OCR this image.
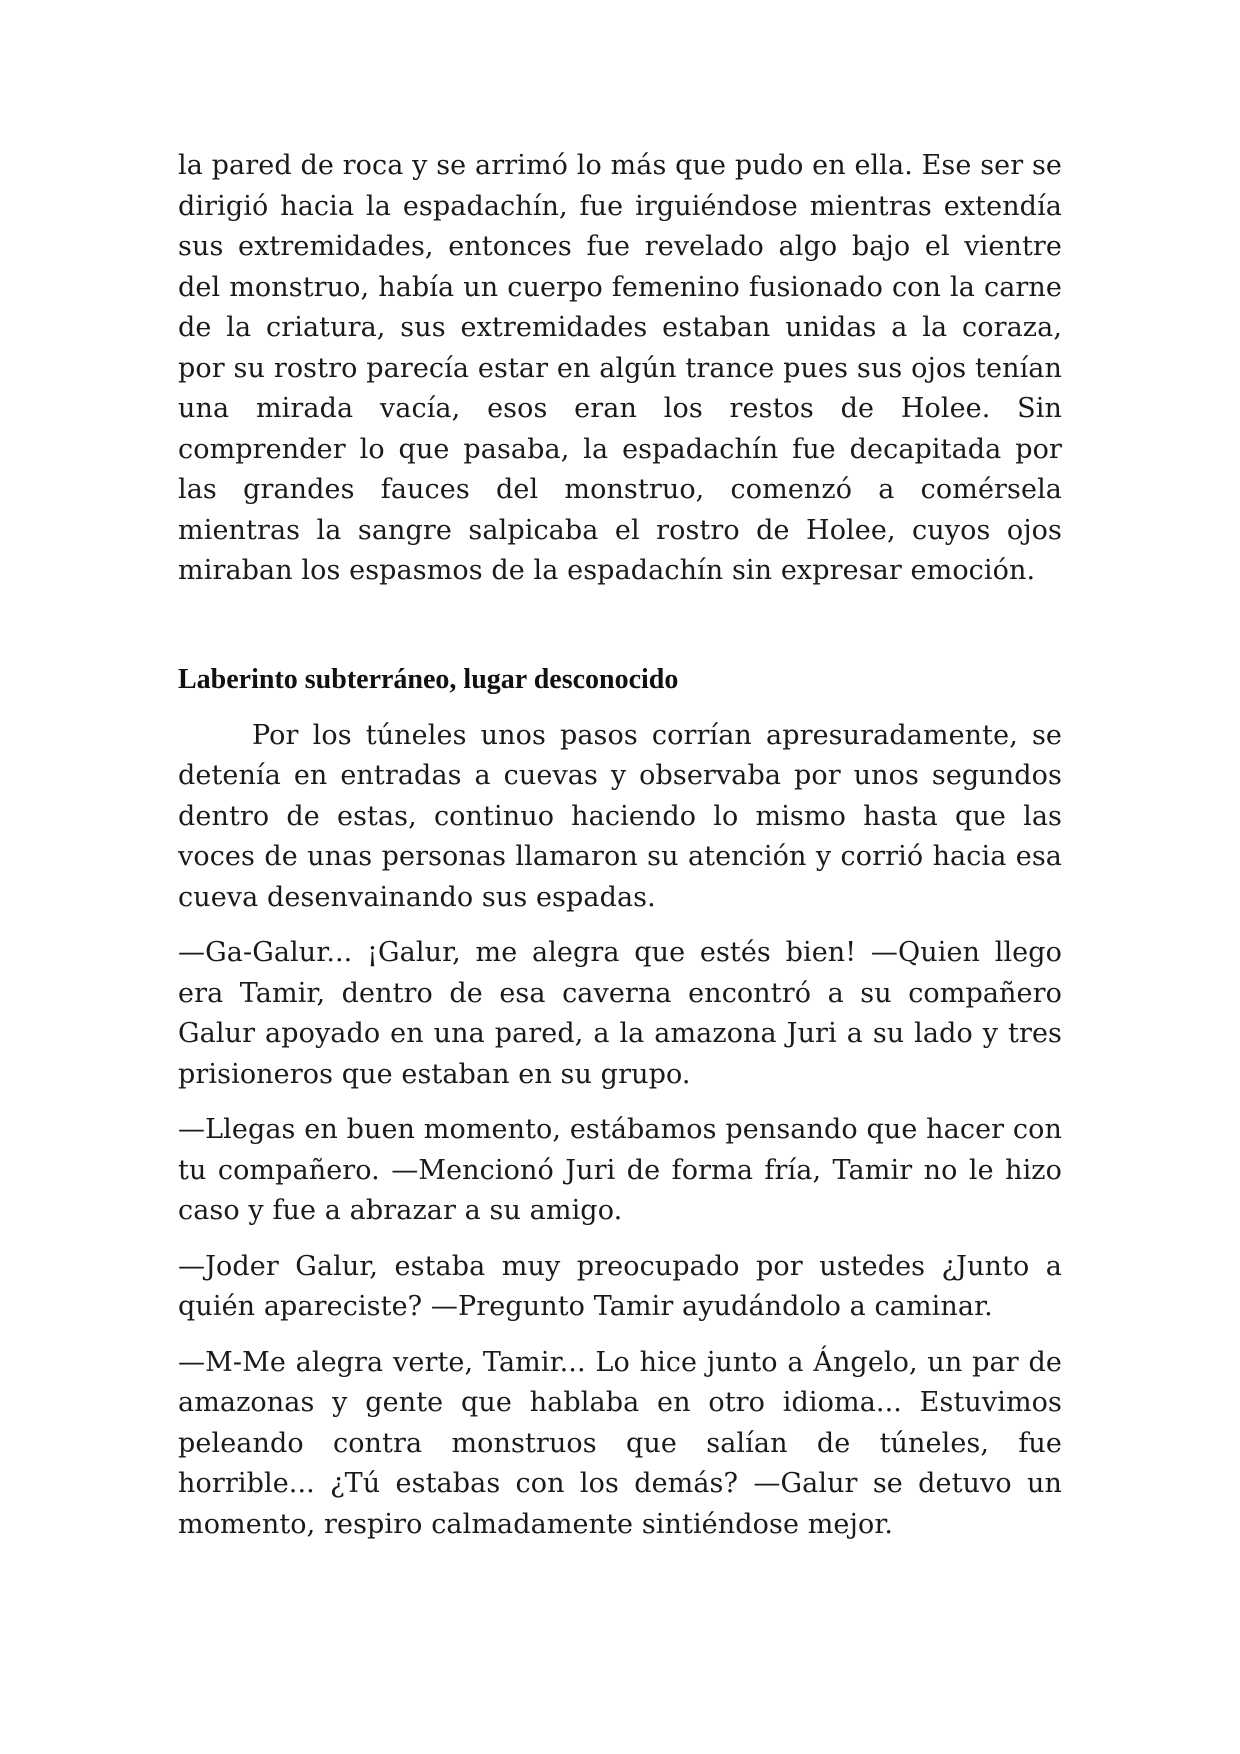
la pared de roca y se arrimó lo más que pudo en ella. Ese ser se dirigió hacia la espadachín, fue irguiéndose mientras extendía sus extremidades, entonces fue revelado algo bajo el vientre del monstruo, había un cuerpo femenino fusionado con la carne de la criatura, sus extremidades estaban unidas a la coraza, por su rostro parecía estar en algún trance pues sus ojos tenían una mirada vacía, esos eran los restos de Holee. Sin comprender lo que pasaba, la espadachín fue decapitada por las grandes fauces del monstruo, comenzó a comérsela mientras la sangre salpicaba el rostro de Holee, cuyos ojos miraban los espasmos de la espadachín sin expresar emoción.

Laberinto subterráneo, lugar desconocido

Por los túneles unos pasos corrían apresuradamente, se detenía en entradas a cuevas y observaba por unos segundos dentro de estas, continuo haciendo lo mismo hasta que las voces de unas personas llamaron su atención y corrió hacia esa cueva desenvainando sus espadas.

—Ga-Galur... ¡Galur, me alegra que estés bien! —Quien llego era Tamir, dentro de esa caverna encontró a su compañero Galur apoyado en una pared, a la amazona Juri a su lado y tres prisioneros que estaban en su grupo.

—Llegas en buen momento, estábamos pensando que hacer con tu compañero. —Mencionó Juri de forma fría, Tamir no le hizo caso y fue a abrazar a su amigo.

—Joder Galur, estaba muy preocupado por ustedes ¿Junto a quién apareciste? —Pregunto Tamir ayudándolo a caminar.

—M-Me alegra verte, Tamir... Lo hice junto a Ángelo, un par de amazonas y gente que hablaba en otro idioma... Estuvimos peleando contra monstruos que salían de túneles, fue horrible... ¿Tú estabas con los demás? —Galur se detuvo un momento, respiro calmadamente sintiéndose mejor.
